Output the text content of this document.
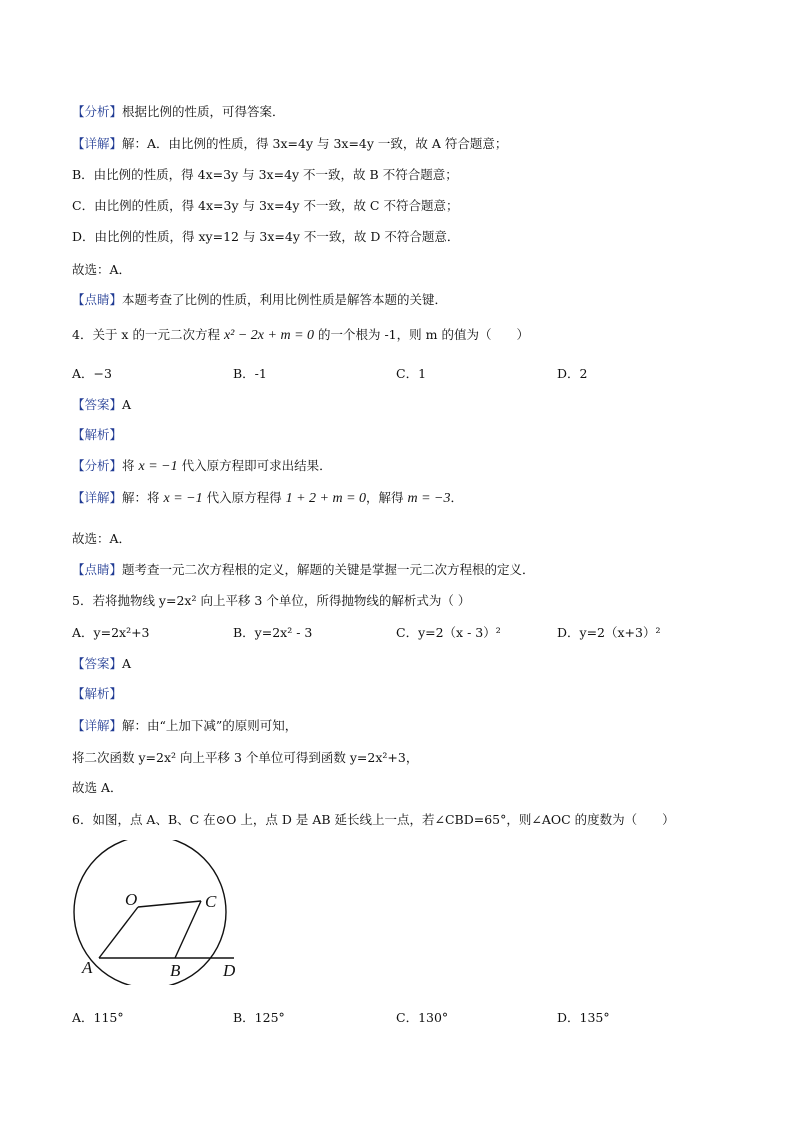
【分析】根据比例的性质，可得答案．
【详解】解：A．由比例的性质，得 3x=4y 与 3x=4y 一致，故 A 符合题意；
B．由比例的性质，得 4x=3y 与 3x=4y 不一致，故 B 不符合题意；
C．由比例的性质，得 4x=3y 与 3x=4y 不一致，故 C 不符合题意；
D．由比例的性质，得 xy=12 与 3x=4y 不一致，故 D 不符合题意．
故选：A．
【点睛】本题考查了比例的性质，利用比例性质是解答本题的关键．
4．关于 x 的一元二次方程 x² − 2x + m = 0 的一个根为 -1，则 m 的值为（　　）
A．−3	B．-1	C．1	D．2
【答案】A
【解析】
【分析】将 x = −1 代入原方程即可求出结果．
【详解】解：将 x = −1 代入原方程得 1 + 2 + m = 0，解得 m = −3．
故选：A．
【点睛】题考查一元二次方程根的定义，解题的关键是掌握一元二次方程根的定义．
5．若将抛物线 y=2x² 向上平移 3 个单位，所得抛物线的解析式为（ ）
A．y=2x²+3	B．y=2x² - 3	C．y=2（x - 3）²	D．y=2（x+3）²
【答案】A
【解析】
【详解】解：由“上加下减”的原则可知，
将二次函数 y=2x² 向上平移 3 个单位可得到函数 y=2x²+3，
故选 A．
6．如图，点 A、B、C 在⊙O 上，点 D 是 AB 延长线上一点，若∠CBD=65°，则∠AOC 的度数为（　　）
O	C
A	B	D
A．115°	B．125°	C．130°	D．135°
